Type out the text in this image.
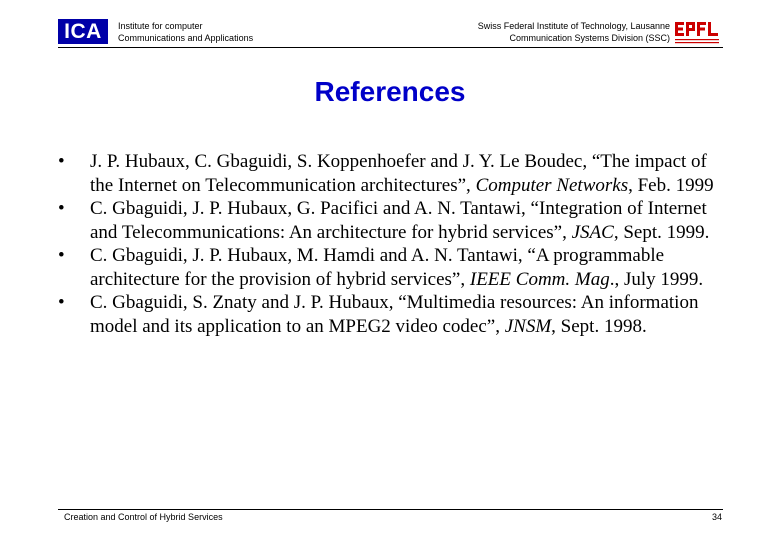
ICA	Institute for computer
Communications and Applications
Swiss Federal Institute of Technology, Lausanne
Communication Systems Division (SSC)
References
• J. P. Hubaux, C. Gbaguidi, S. Koppenhoefer and J. Y. Le Boudec, “The impact of the Internet on Telecommunication architectures”, Computer Networks, Feb. 1999
• C. Gbaguidi, J. P. Hubaux, G. Pacifici and A. N. Tantawi, “Integration of Internet and Telecommunications: An architecture for hybrid services”, JSAC, Sept. 1999.
• C. Gbaguidi, J. P. Hubaux, M. Hamdi and A. N. Tantawi, “A programmable architecture for the provision of hybrid services”, IEEE Comm. Mag., July 1999.
• C. Gbaguidi, S. Znaty and J. P. Hubaux, “Multimedia resources: An information model and its application to an MPEG2 video codec”, JNSM, Sept. 1998.
Creation and Control of Hybrid Services	34
